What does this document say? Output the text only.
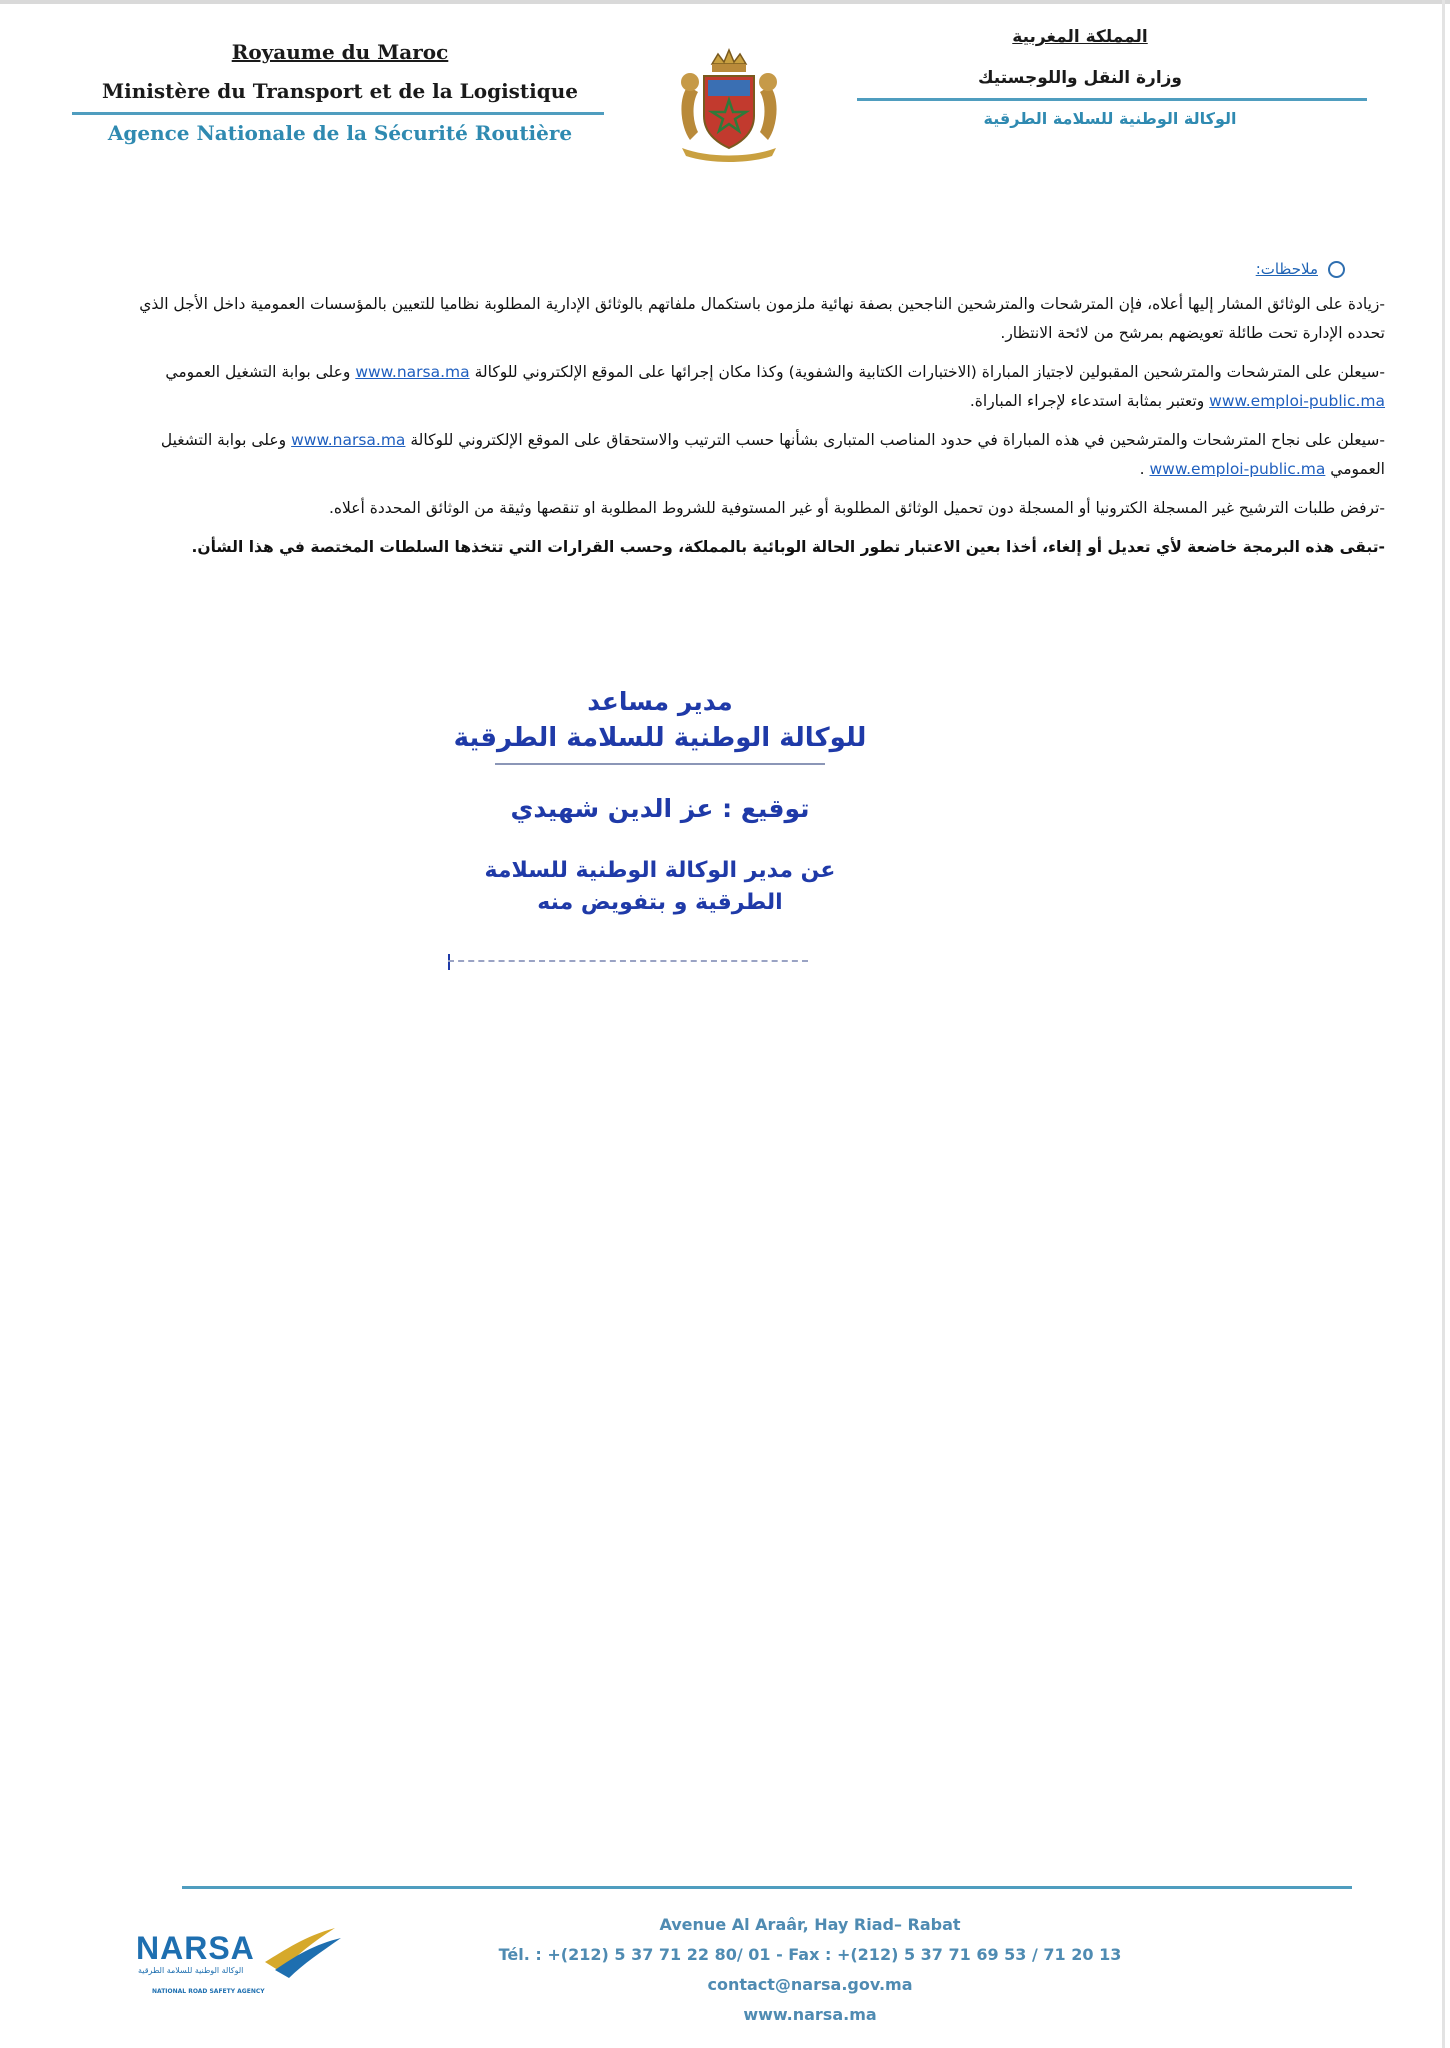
Royaume du Maroc
Ministère du Transport et de la Logistique
Agence Nationale de la Sécurité Routière
المملكة المغربية
وزارة النقل واللوجستيك
الوكالة الوطنية للسلامة الطرقية
ملاحظات:

-زيادة على الوثائق المشار إليها أعلاه، فإن المترشحات والمترشحين الناجحين بصفة نهائية ملزمون باستكمال ملفاتهم بالوثائق الإدارية المطلوبة نظاميا للتعيين بالمؤسسات العمومية داخل الأجل الذي تحدده الإدارة تحت طائلة تعويضهم بمرشح من لائحة الانتظار.

-سيعلن على المترشحات والمترشحين المقبولين لاجتياز المباراة (الاختبارات الكتابية والشفوية) وكذا مكان إجرائها على الموقع الإلكتروني للوكالة www.narsa.ma وعلى بوابة التشغيل العمومي www.emploi-public.ma وتعتبر بمثابة استدعاء لإجراء المباراة.

-سيعلن على نجاح المترشحات والمترشحين في هذه المباراة في حدود المناصب المتبارى بشأنها حسب الترتيب والاستحقاق على الموقع الإلكتروني للوكالة www.narsa.ma وعلى بوابة التشغيل العمومي www.emploi-public.ma .

-ترفض طلبات الترشيح غير المسجلة الكترونيا أو المسجلة دون تحميل الوثائق المطلوبة أو غير المستوفية للشروط المطلوبة او تنقصها وثيقة من الوثائق المحددة أعلاه.

-تبقى هذه البرمجة خاضعة لأي تعديل أو إلغاء، أخذا بعين الاعتبار تطور الحالة الوبائية بالمملكة، وحسب القرارات التي تتخذها السلطات المختصة في هذا الشأن.

مدير مساعد
للوكالة الوطنية للسلامة الطرقية
توقيع : عز الدين شهيدي
عن مدير الوكالة الوطنية للسلامة
الطرقية و بتفويض منه
NARSA
الوكالة الوطنية للسلامة الطرقية
NATIONAL ROAD SAFETY AGENCY
Avenue Al Araâr, Hay Riad– Rabat
Tél. : +(212) 5 37 71 22 80/ 01 - Fax : +(212) 5 37 71 69 53 / 71 20 13
contact@narsa.gov.ma
www.narsa.ma
